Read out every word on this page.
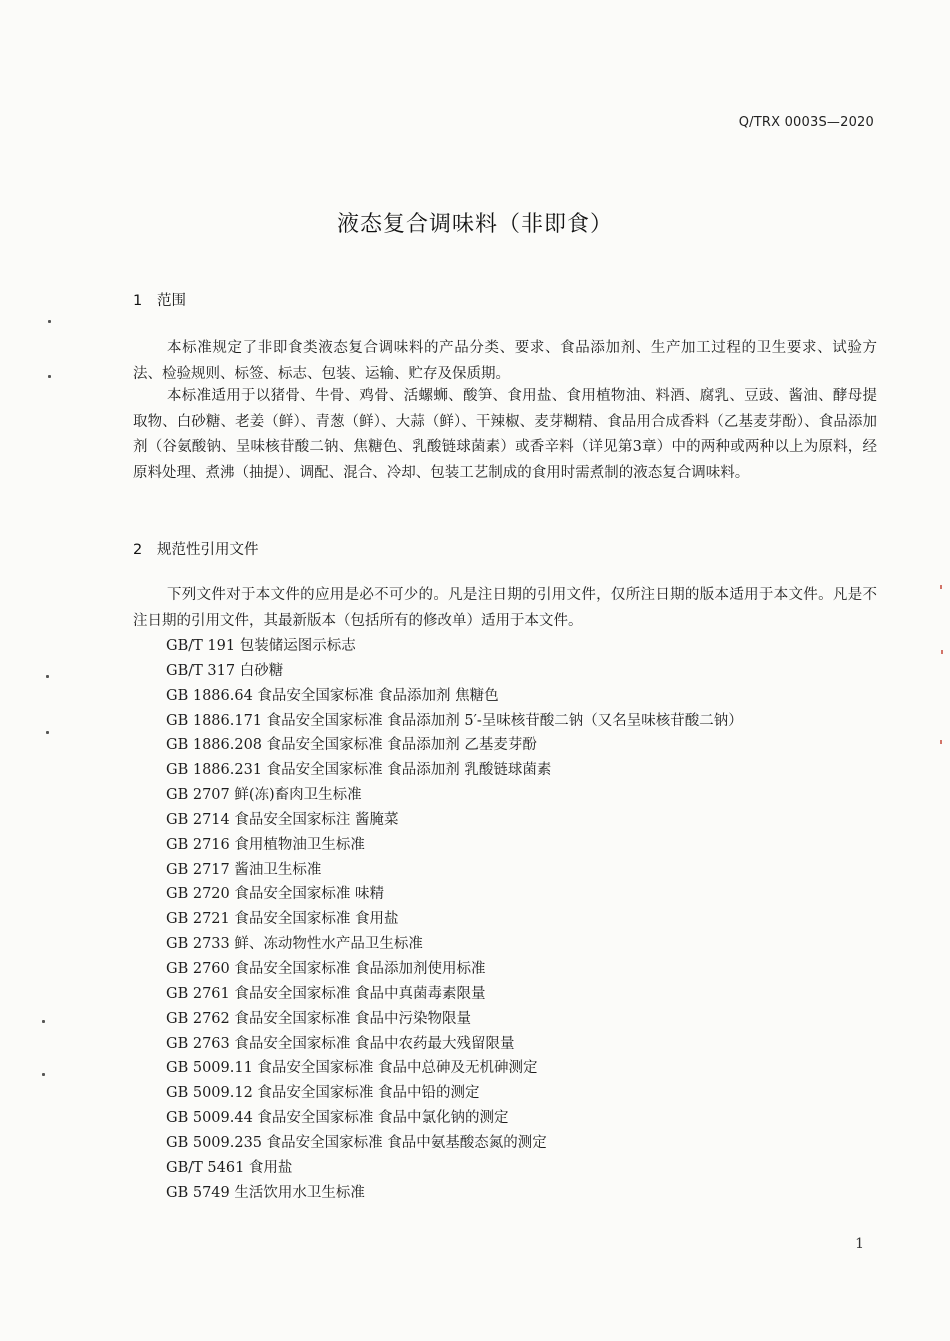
Q/TRX 0003S—2020
液态复合调味料（非即食）
1 范围

本标准规定了非即食类液态复合调味料的产品分类、要求、食品添加剂、生产加工过程的卫生要求、试验方法、检验规则、标签、标志、包装、运输、贮存及保质期。

本标准适用于以猪骨、牛骨、鸡骨、活螺蛳、酸笋、食用盐、食用植物油、料酒、腐乳、豆豉、酱油、酵母提取物、白砂糖、老姜（鲜）、青葱（鲜）、大蒜（鲜）、干辣椒、麦芽糊精、食品用合成香料（乙基麦芽酚）、食品添加剂（谷氨酸钠、呈味核苷酸二钠、焦糖色、乳酸链球菌素）或香辛料（详见第3章）中的两种或两种以上为原料，经原料处理、煮沸（抽提）、调配、混合、冷却、包装工艺制成的食用时需煮制的液态复合调味料。

2 规范性引用文件

下列文件对于本文件的应用是必不可少的。凡是注日期的引用文件，仅所注日期的版本适用于本文件。凡是不注日期的引用文件，其最新版本（包括所有的修改单）适用于本文件。

GB/T 191 包装储运图示标志
GB/T 317 白砂糖
GB 1886.64 食品安全国家标准 食品添加剂 焦糖色
GB 1886.171 食品安全国家标准 食品添加剂 5′-呈味核苷酸二钠（又名呈味核苷酸二钠）
GB 1886.208 食品安全国家标准 食品添加剂 乙基麦芽酚
GB 1886.231 食品安全国家标准 食品添加剂 乳酸链球菌素
GB 2707 鲜(冻)畜肉卫生标准
GB 2714 食品安全国家标注 酱腌菜
GB 2716 食用植物油卫生标准
GB 2717 酱油卫生标准
GB 2720 食品安全国家标准 味精
GB 2721 食品安全国家标准 食用盐
GB 2733 鲜、冻动物性水产品卫生标准
GB 2760 食品安全国家标准 食品添加剂使用标准
GB 2761 食品安全国家标准 食品中真菌毒素限量
GB 2762 食品安全国家标准 食品中污染物限量
GB 2763 食品安全国家标准 食品中农药最大残留限量
GB 5009.11 食品安全国家标准 食品中总砷及无机砷测定
GB 5009.12 食品安全国家标准 食品中铅的测定
GB 5009.44 食品安全国家标准 食品中氯化钠的测定
GB 5009.235 食品安全国家标准 食品中氨基酸态氮的测定
GB/T 5461 食用盐
GB 5749 生活饮用水卫生标准
1
